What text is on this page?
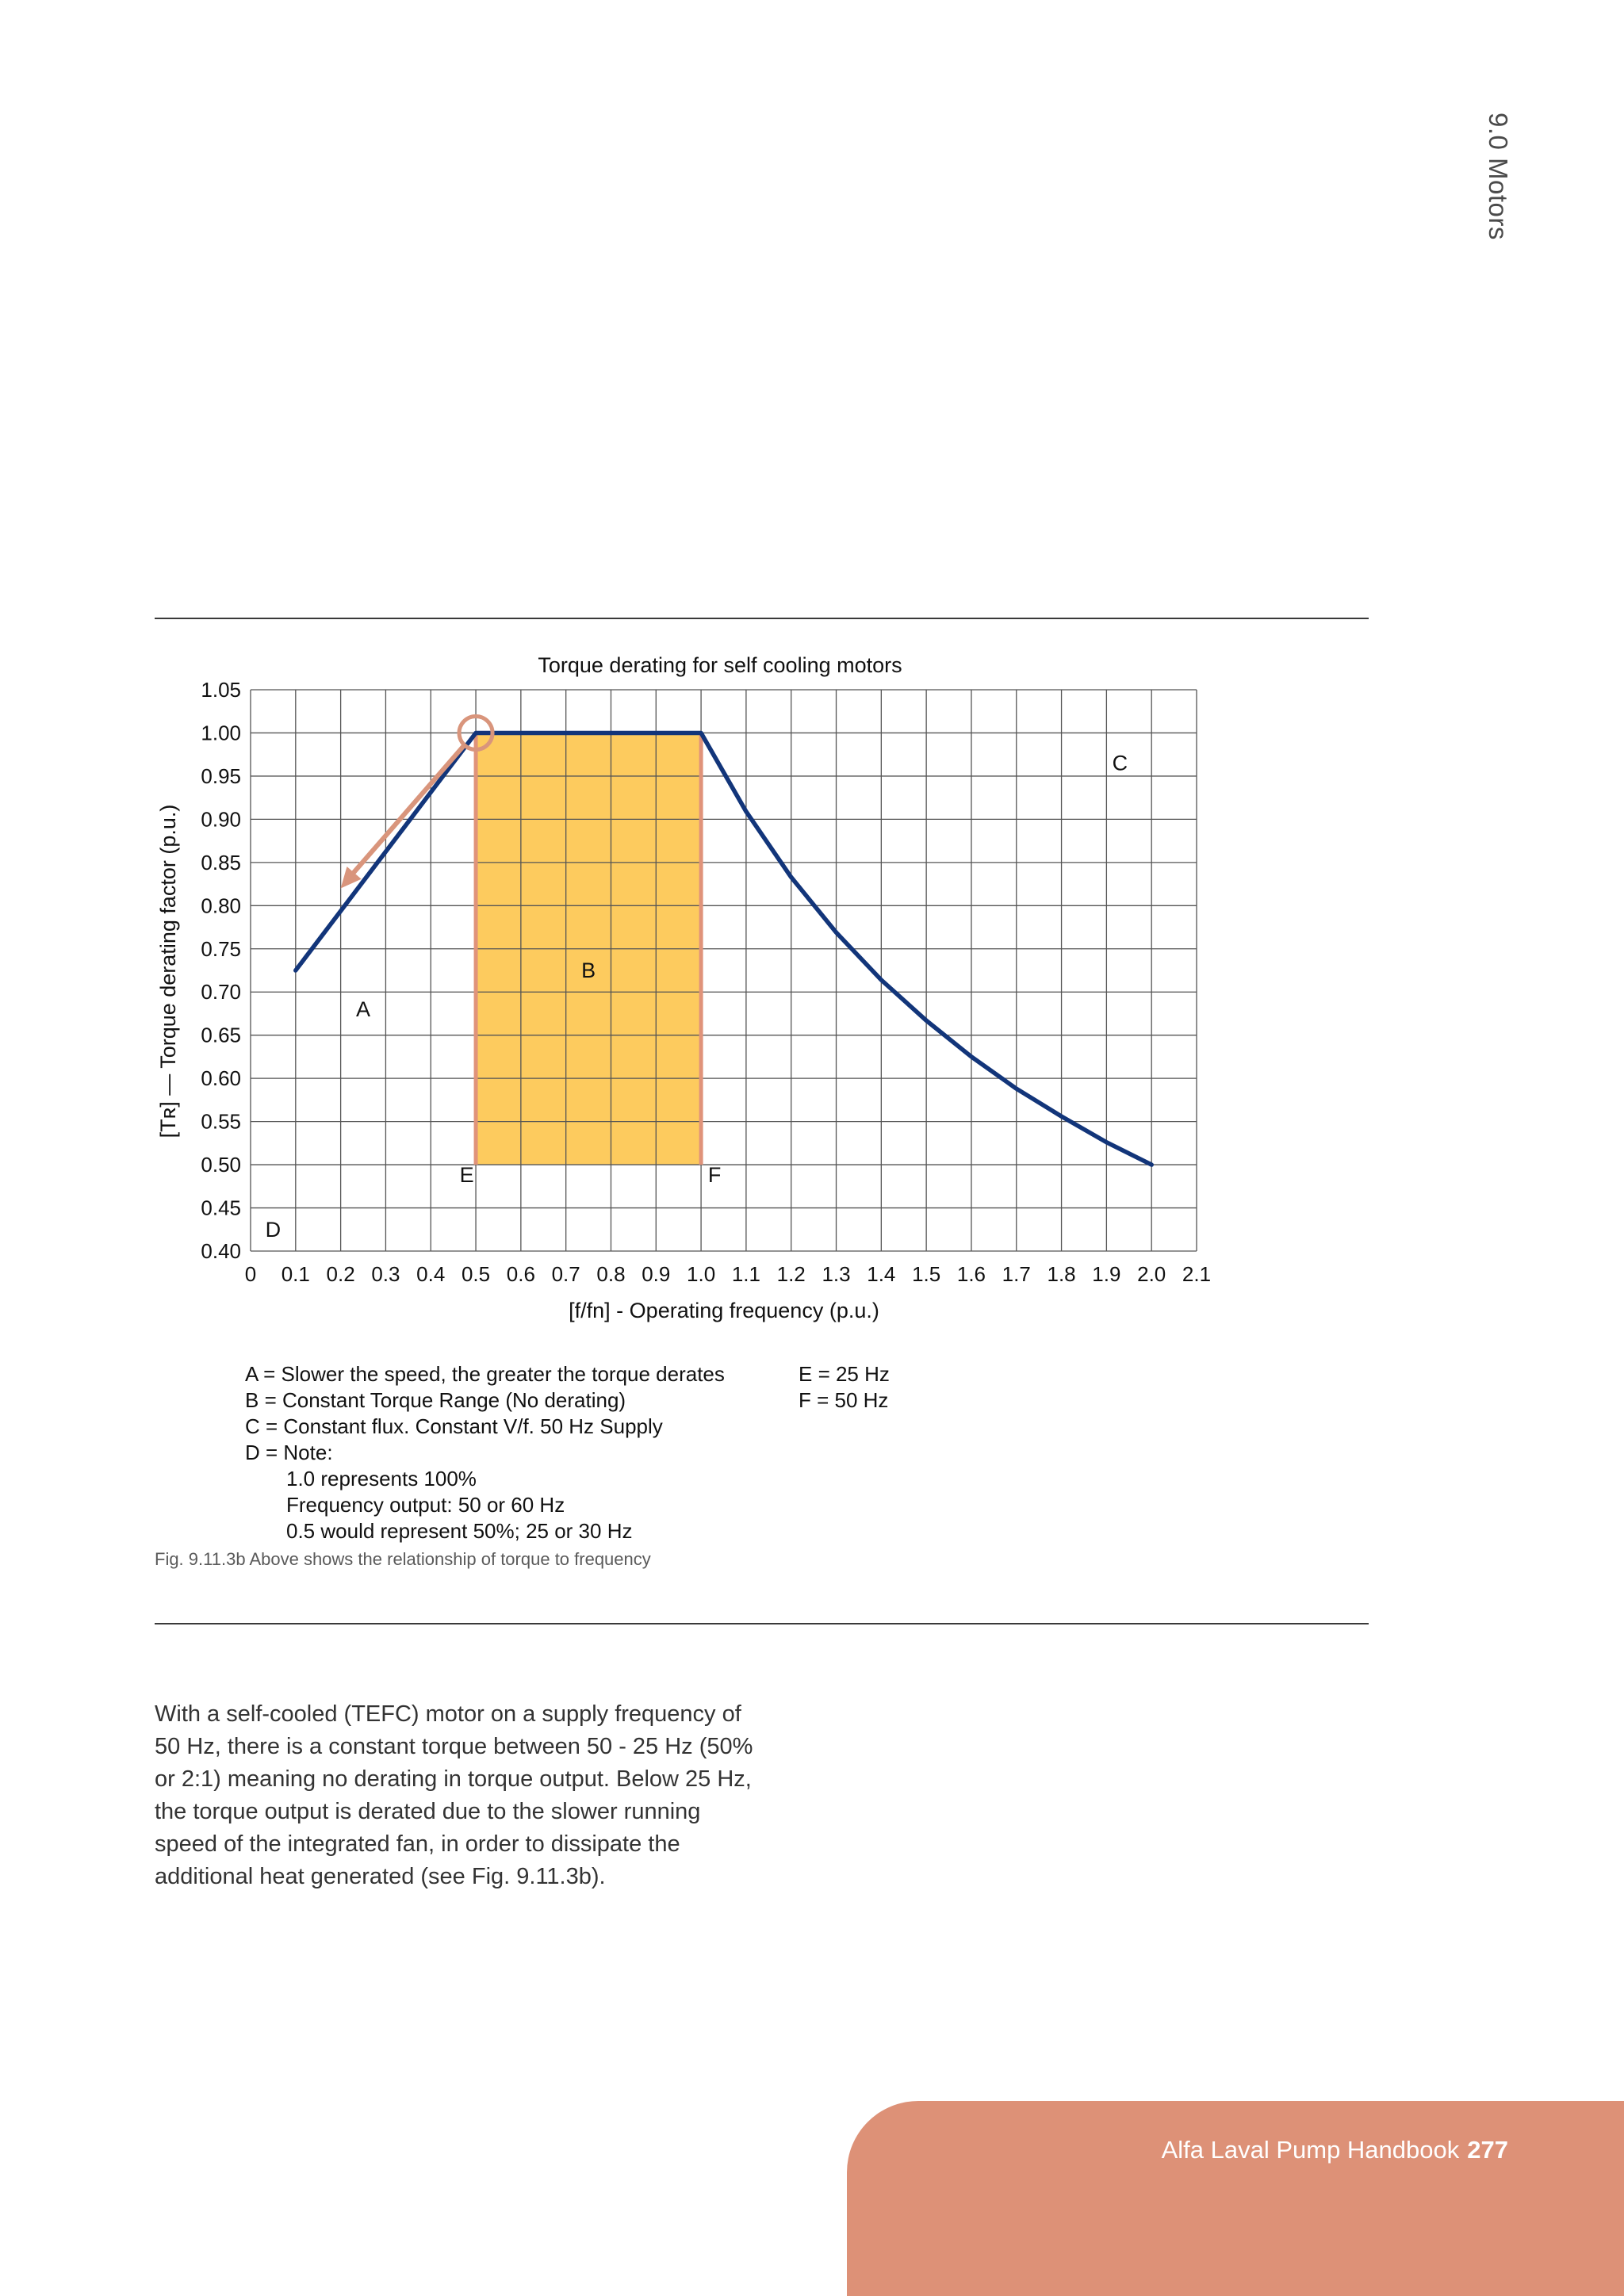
9.0 Motors
Torque derating for self cooling motors
0 0.1 0.2 0.3 0.4 0.5 0.6 0.7 0.8 0.9 1.0 1.1 1.2 1.3 1.4 1.5 1.6 1.7 1.8 1.9 2.0 2.1
0.40
0.45
0.50
0.55
0.60
0.65
0.70
0.75
0.80
0.85
0.90
0.95
1.00
1.05
A
B
C
D
E	F
[f/fn] - Operating frequency (p.u.)
[Tʀ] — Torque derating factor (p.u.)
A = Slower the speed, the greater the torque derates
B = Constant Torque Range (No derating)
C = Constant flux. Constant V/f. 50 Hz Supply
D = Note:
1.0 represents 100%
Frequency output: 50 or 60 Hz
0.5 would represent 50%; 25 or 30 Hz
E = 25 Hz
F = 50 Hz
Fig. 9.11.3b Above shows the relationship of torque to frequency

With a self-cooled (TEFC) motor on a supply frequency of 50 Hz, there is a constant torque between 50 - 25 Hz (50% or 2:1) meaning no derating in torque output. Below 25 Hz, the torque output is derated due to the slower running speed of the integrated fan, in order to dissipate the additional heat generated (see Fig. 9.11.3b).

Alfa Laval Pump Handbook 277
